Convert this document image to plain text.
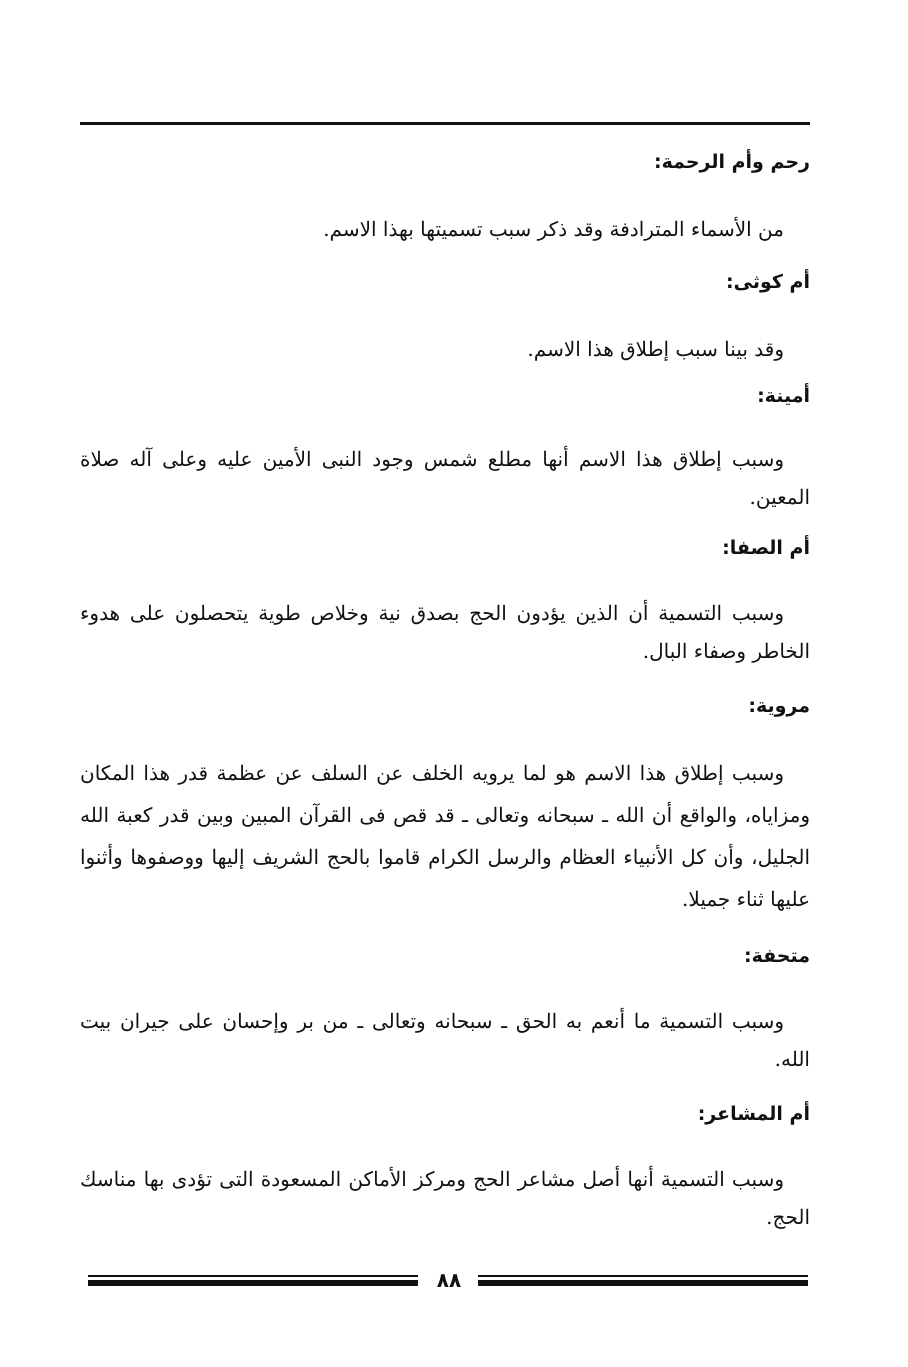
رحم وأم الرحمة:

من الأسماء المترادفة وقد ذكر سبب تسميتها بهذا الاسم.

أم كوثى:

وقد بينا سبب إطلاق هذا الاسم.

أمينة:

وسبب إطلاق هذا الاسم أنها مطلع شمس وجود النبى الأمين عليه وعلى آله صلاة المعين.

أم الصفا:

وسبب التسمية أن الذين يؤدون الحج بصدق نية وخلاص طوية يتحصلون على هدوء الخاطر وصفاء البال.

مروية:

وسبب إطلاق هذا الاسم هو لما يرويه الخلف عن السلف عن عظمة قدر هذا المكان ومزاياه، والواقع أن الله ـ سبحانه وتعالى ـ قد قص فى القرآن المبين وبين قدر كعبة الله الجليل، وأن كل الأنبياء العظام والرسل الكرام قاموا بالحج الشريف إليها ووصفوها وأثنوا عليها ثناء جميلا.

متحفة:

وسبب التسمية ما أنعم به الحق ـ سبحانه وتعالى ـ من بر وإحسان على جيران بيت الله.

أم المشاعر:

وسبب التسمية أنها أصل مشاعر الحج ومركز الأماكن المسعودة التى تؤدى بها مناسك الحج.

٨٨
